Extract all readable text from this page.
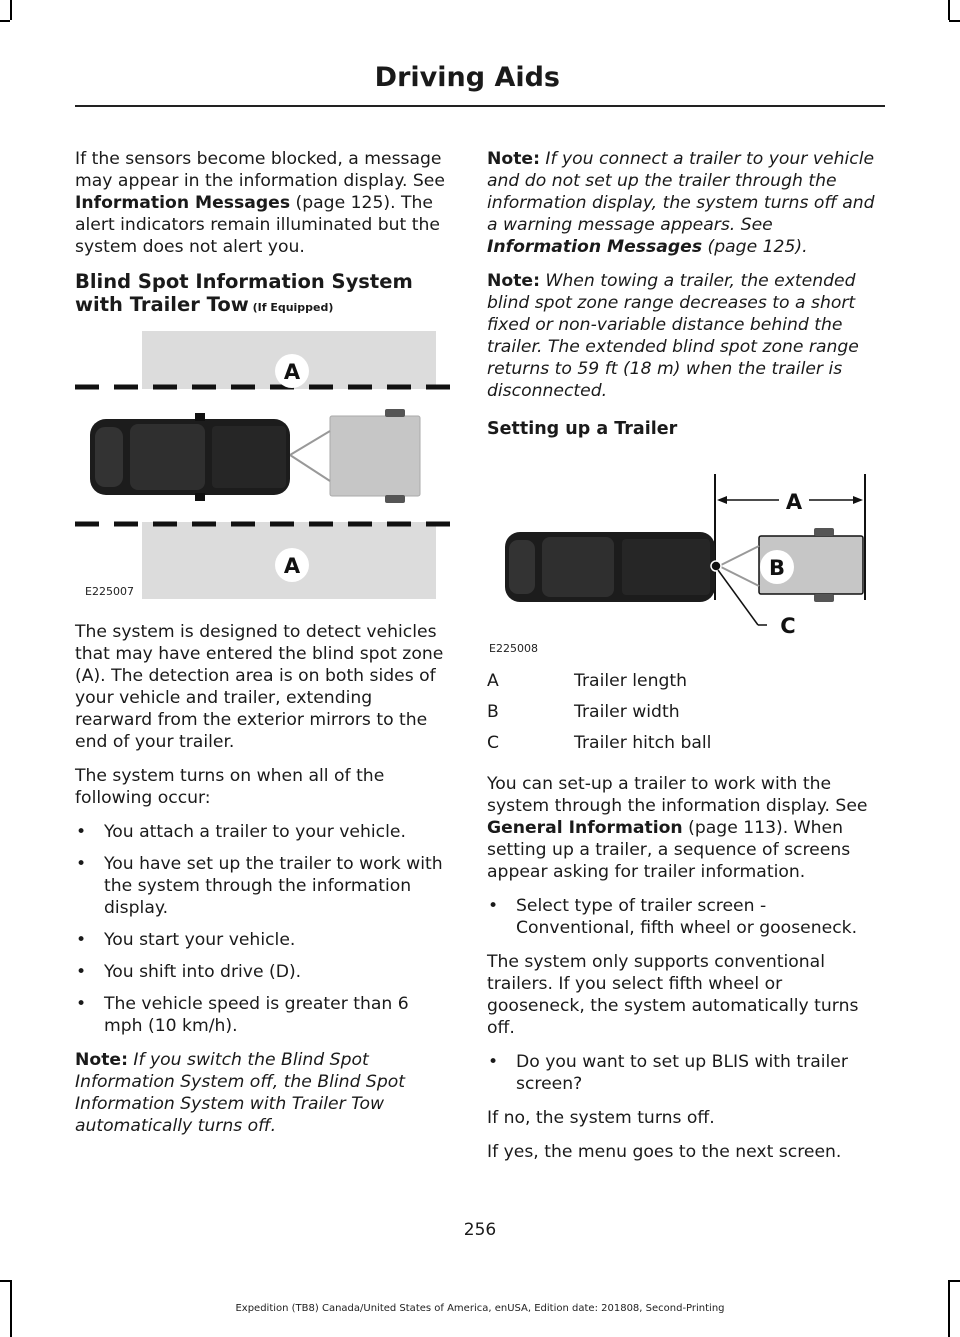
Driving Aids

If the sensors become blocked, a message may appear in the information display. See Information Messages (page 125). The alert indicators remain illuminated but the system does not alert you.

Blind Spot Information System with Trailer Tow (If Equipped)
A
A
E225007

The system is designed to detect vehicles that may have entered the blind spot zone (A). The detection area is on both sides of your vehicle and trailer, extending rearward from the exterior mirrors to the end of your trailer.

The system turns on when all of the following occur:

• You attach a trailer to your vehicle.
• You have set up the trailer to work with the system through the information display.
• You start your vehicle.
• You shift into drive (D).
• The vehicle speed is greater than 6 mph (10 km/h).

Note: If you switch the Blind Spot Information System off, the Blind Spot Information System with Trailer Tow automatically turns off.

Note: If you connect a trailer to your vehicle and do not set up the trailer through the information display, the system turns off and a warning message appears. See Information Messages (page 125).

Note: When towing a trailer, the extended blind spot zone range decreases to a short fixed or non-variable distance behind the trailer. The extended blind spot zone range returns to 59 ft (18 m) when the trailer is disconnected.

Setting up a Trailer
A
B
C
E225008
A	Trailer length
B	Trailer width
C	Trailer hitch ball

You can set-up a trailer to work with the system through the information display. See General Information (page 113). When setting up a trailer, a sequence of screens appear asking for trailer information.

• Select type of trailer screen - Conventional, fifth wheel or gooseneck.

The system only supports conventional trailers. If you select fifth wheel or gooseneck, the system automatically turns off.

• Do you want to set up BLIS with trailer screen?

If no, the system turns off.

If yes, the menu goes to the next screen.

256
Expedition (TB8) Canada/United States of America, enUSA, Edition date: 201808, Second-Printing
